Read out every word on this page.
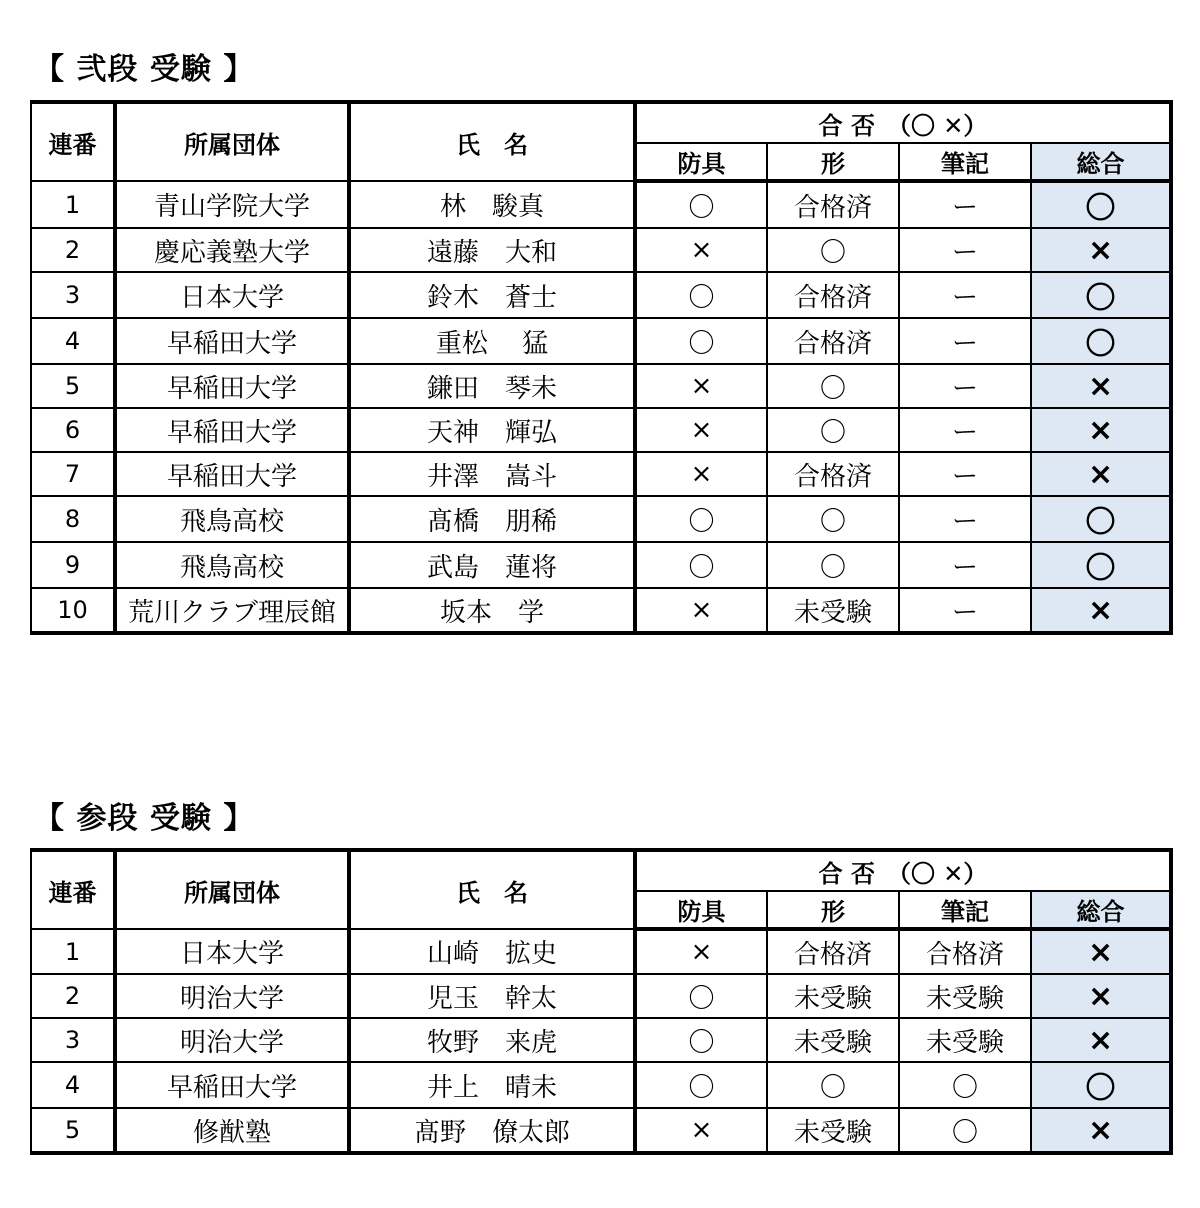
【 弐段 受験 】
連番	所属団体	氏　名	合 否　（〇 ✕）			
			防具	形	筆記	総合
1	青山学院大学	林　駿真	〇	合格済	ー	〇
2	慶応義塾大学	遠藤　大和	×	〇	ー	×
3	日本大学	鈴木　蒼士	〇	合格済	ー	〇
4	早稲田大学	重松　 猛	〇	合格済	ー	〇
5	早稲田大学	鎌田　琴未	×	〇	ー	×
6	早稲田大学	天神　輝弘	×	〇	ー	×
7	早稲田大学	井澤　嵩斗	×	合格済	ー	×
8	飛鳥高校	髙橋　朋稀	〇	〇	ー	〇
9	飛鳥高校	武島　蓮将	〇	〇	ー	〇
10	荒川クラブ理辰館	坂本　学	×	未受験	ー	×
【 参段 受験 】
連番	所属団体	氏　名	合 否　（〇 ✕）			
			防具	形	筆記	総合
1	日本大学	山崎　拡史	×	合格済	合格済	×
2	明治大学	児玉　幹太	〇	未受験	未受験	×
3	明治大学	牧野　来虎	〇	未受験	未受験	×
4	早稲田大学	井上　晴未	〇	〇	〇	〇
5	修猷塾	髙野　僚太郎	×	未受験	〇	×
